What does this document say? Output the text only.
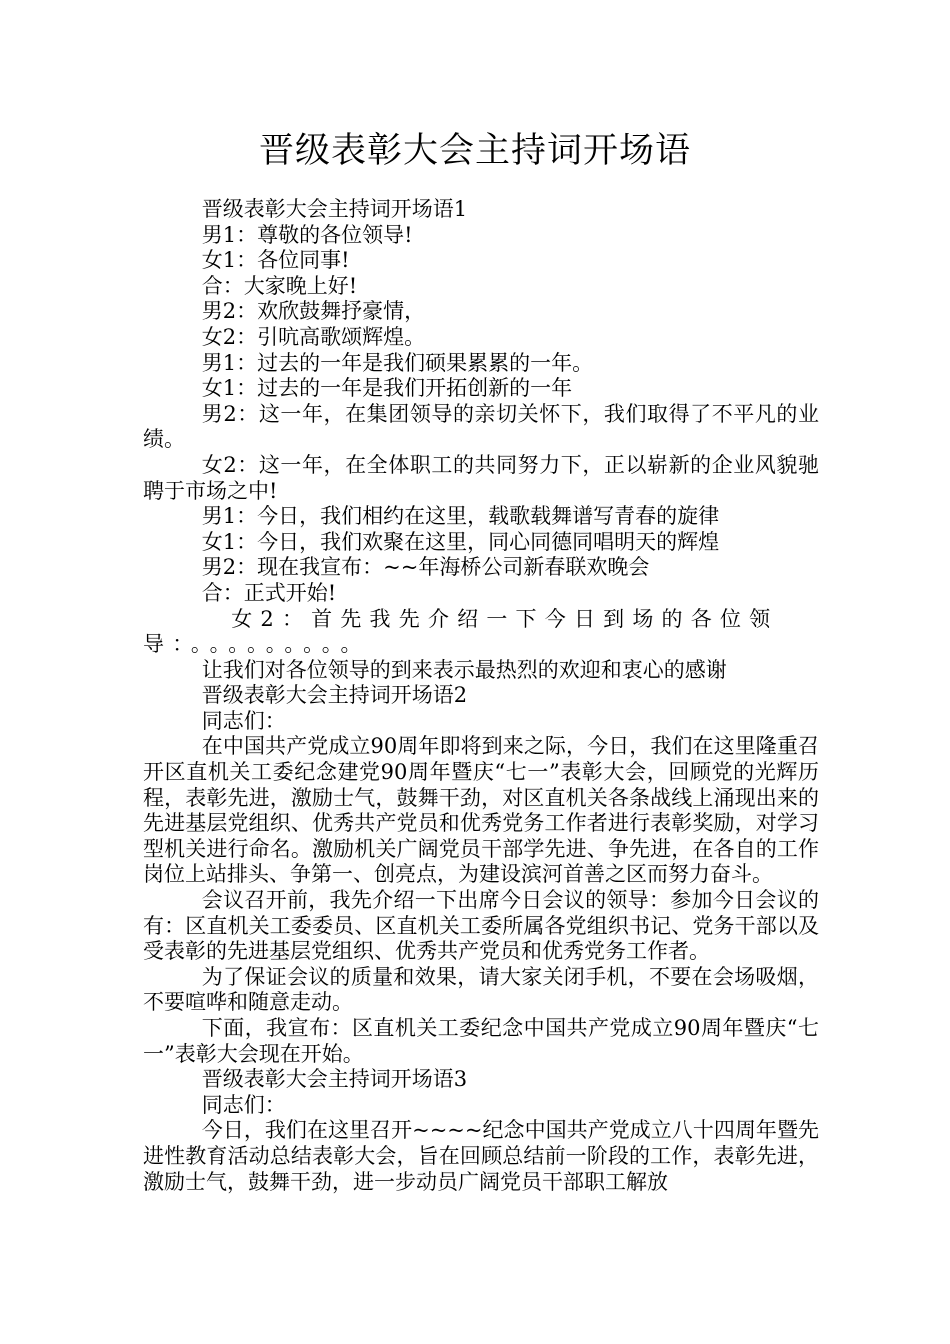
晋级表彰大会主持词开场语

晋级表彰大会主持词开场语1

男1：尊敬的各位领导!

女1：各位同事!

合：大家晚上好!

男2：欢欣鼓舞抒豪情，

女2：引吭高歌颂辉煌。

男1：过去的一年是我们硕果累累的一年。

女1：过去的一年是我们开拓创新的一年

男2：这一年，在集团领导的亲切关怀下，我们取得了不平凡的业绩。

女2：这一年，在全体职工的共同努力下，正以崭新的企业风貌驰聘于市场之中!

男1：今日，我们相约在这里，载歌载舞谱写青春的旋律

女1：今日，我们欢聚在这里，同心同德同唱明天的辉煌

男2：现在我宣布：~~年海桥公司新春联欢晚会

合：正式开始!

女2：首先我先介绍一下今日到场的各位领导：。。。。。。。。。

让我们对各位领导的到来表示最热烈的欢迎和衷心的感谢

晋级表彰大会主持词开场语2

同志们：

在中国共产党成立90周年即将到来之际，今日，我们在这里隆重召开区直机关工委纪念建党90周年暨庆“七一”表彰大会，回顾党的光辉历程，表彰先进，激励士气，鼓舞干劲，对区直机关各条战线上涌现出来的先进基层党组织、优秀共产党员和优秀党务工作者进行表彰奖励，对学习型机关进行命名。激励机关广阔党员干部学先进、争先进，在各自的工作岗位上站排头、争第一、创亮点，为建设滨河首善之区而努力奋斗。

会议召开前，我先介绍一下出席今日会议的领导：参加今日会议的有：区直机关工委委员、区直机关工委所属各党组织书记、党务干部以及受表彰的先进基层党组织、优秀共产党员和优秀党务工作者。

为了保证会议的质量和效果，请大家关闭手机，不要在会场吸烟，不要喧哗和随意走动。

下面，我宣布：区直机关工委纪念中国共产党成立90周年暨庆“七一”表彰大会现在开始。

晋级表彰大会主持词开场语3

同志们：

今日，我们在这里召开~~~~纪念中国共产党成立八十四周年暨先进性教育活动总结表彰大会，旨在回顾总结前一阶段的工作，表彰先进，激励士气，鼓舞干劲，进一步动员广阔党员干部职工解放
